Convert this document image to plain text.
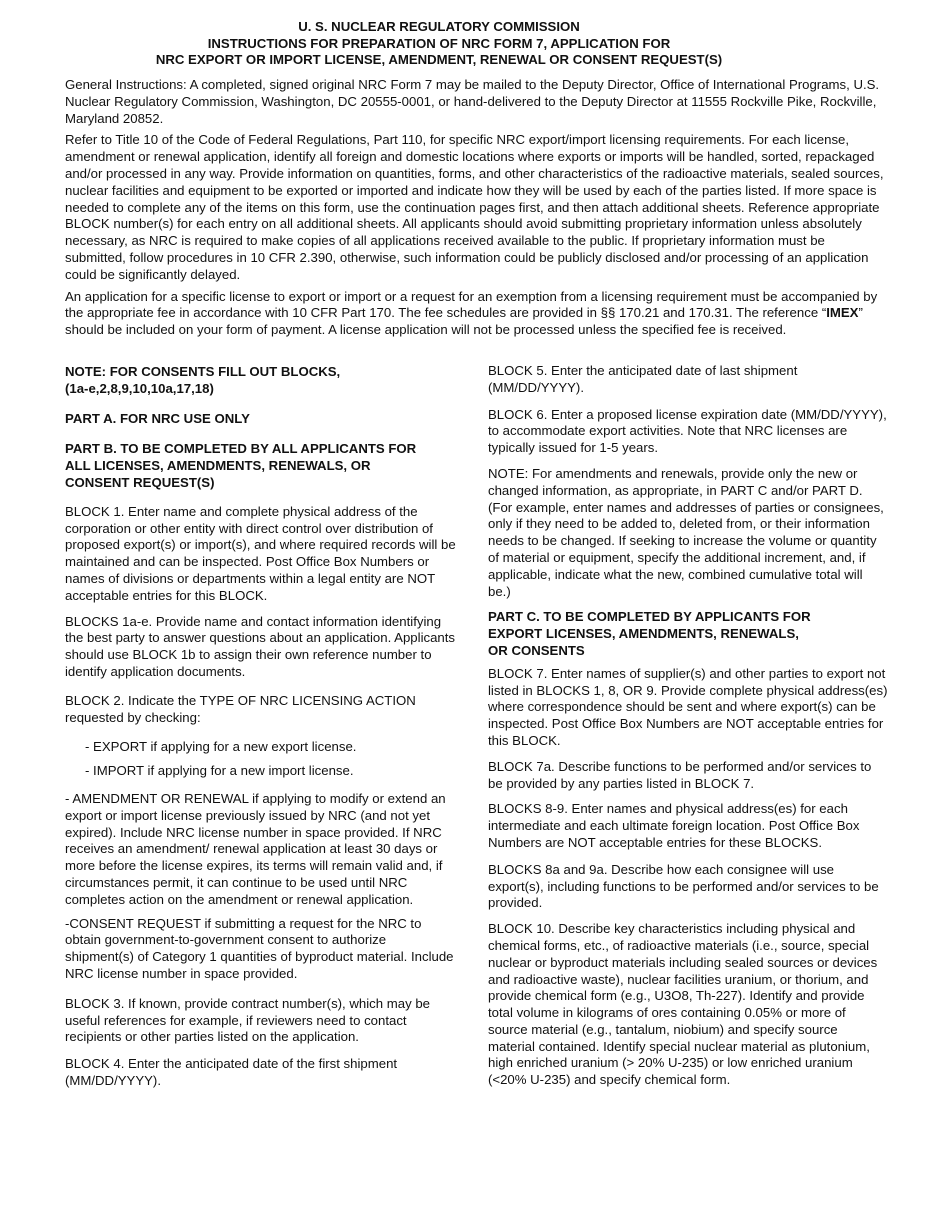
U. S. NUCLEAR REGULATORY COMMISSION
INSTRUCTIONS FOR PREPARATION OF NRC FORM 7, APPLICATION FOR
NRC EXPORT OR IMPORT LICENSE, AMENDMENT, RENEWAL OR CONSENT REQUEST(S)

General Instructions: A completed, signed original NRC Form 7 may be mailed to the Deputy Director, Office of International Programs, U.S. Nuclear Regulatory Commission, Washington, DC 20555-0001, or hand-delivered to the Deputy Director at 11555 Rockville Pike, Rockville, Maryland 20852.

Refer to Title 10 of the Code of Federal Regulations, Part 110, for specific NRC export/import licensing requirements. For each license, amendment or renewal application, identify all foreign and domestic locations where exports or imports will be handled, sorted, repackaged and/or processed in any way. Provide information on quantities, forms, and other characteristics of the radioactive materials, sealed sources, nuclear facilities and equipment to be exported or imported and indicate how they will be used by each of the parties listed. If more space is needed to complete any of the items on this form, use the continuation pages first, and then attach additional sheets. Reference appropriate BLOCK number(s) for each entry on all additional sheets. All applicants should avoid submitting proprietary information unless absolutely necessary, as NRC is required to make copies of all applications received available to the public. If proprietary information must be submitted, follow procedures in 10 CFR 2.390, otherwise, such information could be publicly disclosed and/or processing of an application could be significantly delayed.

An application for a specific license to export or import or a request for an exemption from a licensing requirement must be accompanied by the appropriate fee in accordance with 10 CFR Part 170. The fee schedules are provided in §§ 170.21 and 170.31. The reference “IMEX” should be included on your form of payment. A license application will not be processed unless the specified fee is received.

NOTE: FOR CONSENTS FILL OUT BLOCKS,
(1a-e,2,8,9,10,10a,17,18)

PART A. FOR NRC USE ONLY

PART B. TO BE COMPLETED BY ALL APPLICANTS FOR
ALL LICENSES, AMENDMENTS, RENEWALS, OR
CONSENT REQUEST(S)

BLOCK 1. Enter name and complete physical address of the corporation or other entity with direct control over distribution of proposed export(s) or import(s), and where required records will be maintained and can be inspected. Post Office Box Numbers or names of divisions or departments within a legal entity are NOT acceptable entries for this BLOCK.

BLOCKS 1a-e. Provide name and contact information identifying the best party to answer questions about an application. Applicants should use BLOCK 1b to assign their own reference number to identify application documents.

BLOCK 2. Indicate the TYPE OF NRC LICENSING ACTION requested by checking:

- EXPORT if applying for a new export license.

- IMPORT if applying for a new import license.

- AMENDMENT OR RENEWAL if applying to modify or extend an export or import license previously issued by NRC (and not yet expired). Include NRC license number in space provided. If NRC receives an amendment/ renewal application at least 30 days or more before the license expires, its terms will remain valid and, if circumstances permit, it can continue to be used until NRC completes action on the amendment or renewal application.

-CONSENT REQUEST if submitting a request for the NRC to obtain government-to-government consent to authorize shipment(s) of Category 1 quantities of byproduct material. Include NRC license number in space provided.

BLOCK 3. If known, provide contract number(s), which may be useful references for example, if reviewers need to contact recipients or other parties listed on the application.

BLOCK 4. Enter the anticipated date of the first shipment (MM/DD/YYYY).

BLOCK 5. Enter the anticipated date of last shipment (MM/DD/YYYY).

BLOCK 6. Enter a proposed license expiration date (MM/DD/YYYY), to accommodate export activities. Note that NRC licenses are typically issued for 1-5 years.

NOTE: For amendments and renewals, provide only the new or changed information, as appropriate, in PART C and/or PART D. (For example, enter names and addresses of parties or consignees, only if they need to be added to, deleted from, or their information needs to be changed. If seeking to increase the volume or quantity of material or equipment, specify the additional increment, and, if applicable, indicate what the new, combined cumulative total will be.)

PART C. TO BE COMPLETED BY APPLICANTS FOR
EXPORT LICENSES, AMENDMENTS, RENEWALS,
OR CONSENTS

BLOCK 7. Enter names of supplier(s) and other parties to export not listed in BLOCKS 1, 8, OR 9. Provide complete physical address(es) where correspondence should be sent and where export(s) can be inspected. Post Office Box Numbers are NOT acceptable entries for this BLOCK.

BLOCK 7a. Describe functions to be performed and/or services to be provided by any parties listed in BLOCK 7.

BLOCKS 8-9. Enter names and physical address(es) for each intermediate and each ultimate foreign location. Post Office Box Numbers are NOT acceptable entries for these BLOCKS.

BLOCKS 8a and 9a. Describe how each consignee will use export(s), including functions to be performed and/or services to be provided.

BLOCK 10. Describe key characteristics including physical and chemical forms, etc., of radioactive materials (i.e., source, special nuclear or byproduct materials including sealed sources or devices and radioactive waste), nuclear facilities uranium, or thorium, and provide chemical form (e.g., U3O8, Th-227). Identify and provide total volume in kilograms of ores containing 0.05% or more of source material (e.g., tantalum, niobium) and specify source material contained. Identify special nuclear material as plutonium, high enriched uranium (> 20% U-235) or low enriched uranium (<20% U-235) and specify chemical form.
